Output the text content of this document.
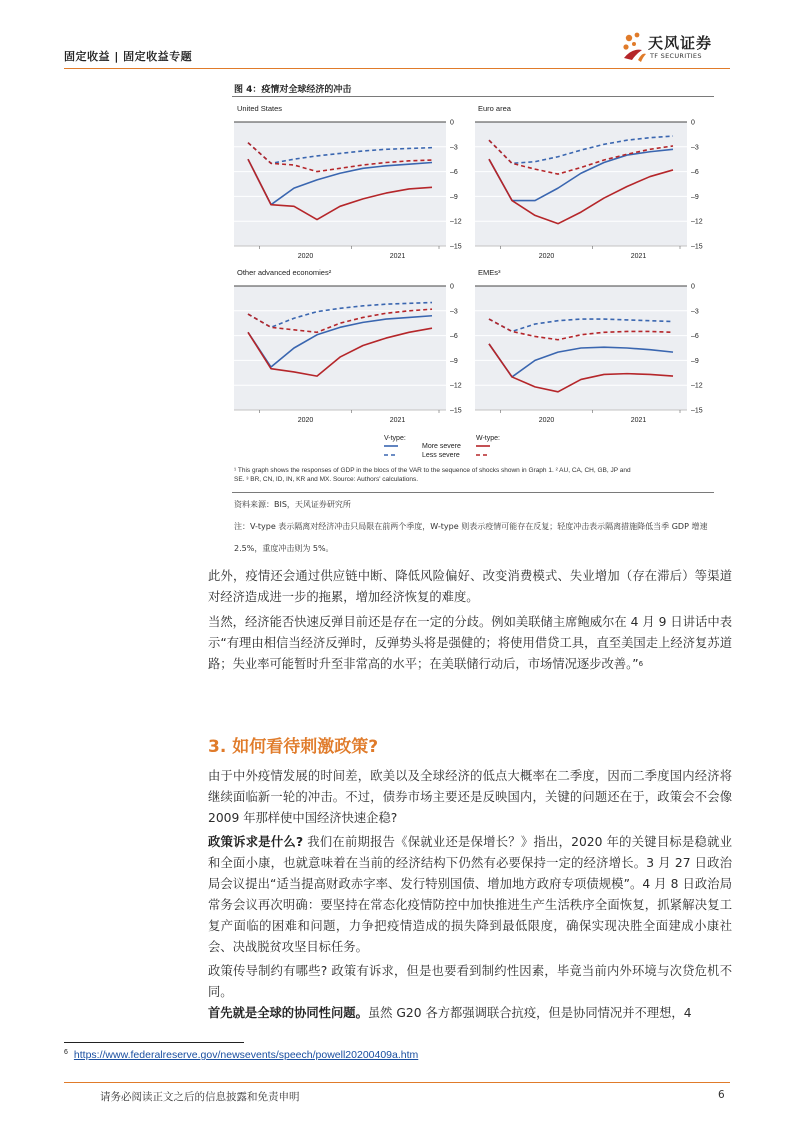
固定收益 | 固定收益专题
天风证券
TF SECURITIES
图 4：疫情对全球经济的冲击
United States
0
–3
–6
–9
–12
–15
2020	2021
Euro area
0
–3
–6
–9
–12
–15
2020	2021
Other advanced economies²
0
–3
–6
–9
–12
–15
2020	2021
EMEs³
0
–3
–6
–9
–12
–15
2020	2021
V-type:
More severe
Less severe
W-type:
¹ This graph shows the responses of GDP in the blocs of the VAR to the sequence of shocks shown in Graph 1. ² AU, CA, CH, GB, JP and
SE. ³ BR, CN, ID, IN, KR and MX. Source: Authors' calculations.
资料来源：BIS，天风证券研究所
注：V-type 表示隔离对经济冲击只局限在前两个季度，W-type 则表示疫情可能存在反复；轻度冲击表示隔离措施降低当季 GDP 增速 2.5%，重度冲击则为 5%。
此外，疫情还会通过供应链中断、降低风险偏好、改变消费模式、失业增加（存在滞后）等渠道对经济造成进一步的拖累，增加经济恢复的难度。
当然，经济能否快速反弹目前还是存在一定的分歧。例如美联储主席鲍威尔在 4 月 9 日讲话中表示“有理由相信当经济反弹时，反弹势头将是强健的；将使用借贷工具，直至美国走上经济复苏道路；失业率可能暂时升至非常高的水平；在美联储行动后，市场情况逐步改善。”$^6$
3. 如何看待刺激政策?
由于中外疫情发展的时间差，欧美以及全球经济的低点大概率在二季度，因而二季度国内经济将继续面临新一轮的冲击。不过，债券市场主要还是反映国内，关键的问题还在于，政策会不会像 2009 年那样使中国经济快速企稳?
政策诉求是什么? 我们在前期报告《保就业还是保增长？》指出，2020 年的关键目标是稳就业和全面小康，也就意味着在当前的经济结构下仍然有必要保持一定的经济增长。3 月 27 日政治局会议提出“适当提高财政赤字率、发行特别国债、增加地方政府专项债规模”。4 月 8 日政治局常务会议再次明确：要坚持在常态化疫情防控中加快推进生产生活秩序全面恢复，抓紧解决复工复产面临的困难和问题，力争把疫情造成的损失降到最低限度，确保实现决胜全面建成小康社会、决战脱贫攻坚目标任务。
政策传导制约有哪些? 政策有诉求，但是也要看到制约性因素，毕竟当前内外环境与次贷危机不同。
首先就是全球的协同性问题。虽然 G20 各方都强调联合抗疫，但是协同情况并不理想，4
$^6$ https://www.federalreserve.gov/newsevents/speech/powell20200409a.htm
请务必阅读正文之后的信息披露和免责申明	6
